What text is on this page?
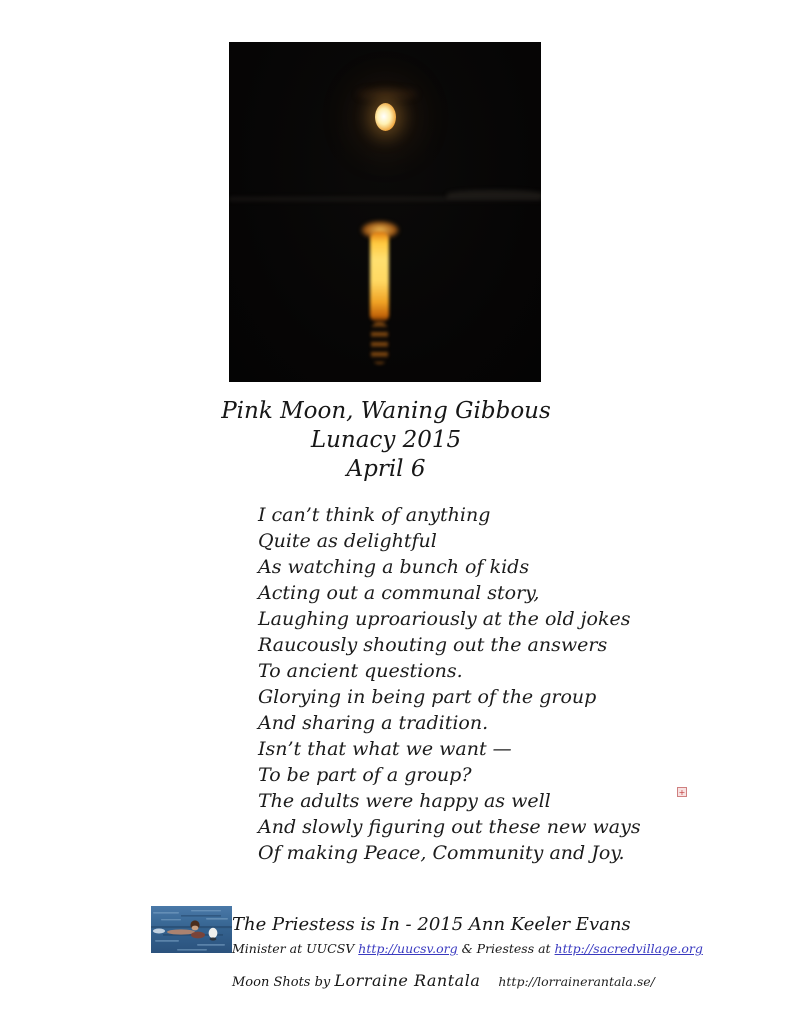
Pink Moon, Waning Gibbous
Lunacy 2015
April 6
I can’t think of anything
Quite as delightful
As watching a bunch of kids
Acting out a communal story,
Laughing uproariously at the old jokes
Raucously shouting out the answers
To ancient questions.
Glorying in being part of the group
And sharing a tradition.
Isn’t that what we want —
To be part of a group?
The adults were happy as well
And slowly figuring out these new ways
Of making Peace, Community and Joy.
+
The Priestess is In - 2015 Ann Keeler Evans
Minister at UUCSV http://uucsv.org & Priestess at http://sacredvillage.org
Moon Shots by Lorraine Rantala http://lorrainerantala.se/
